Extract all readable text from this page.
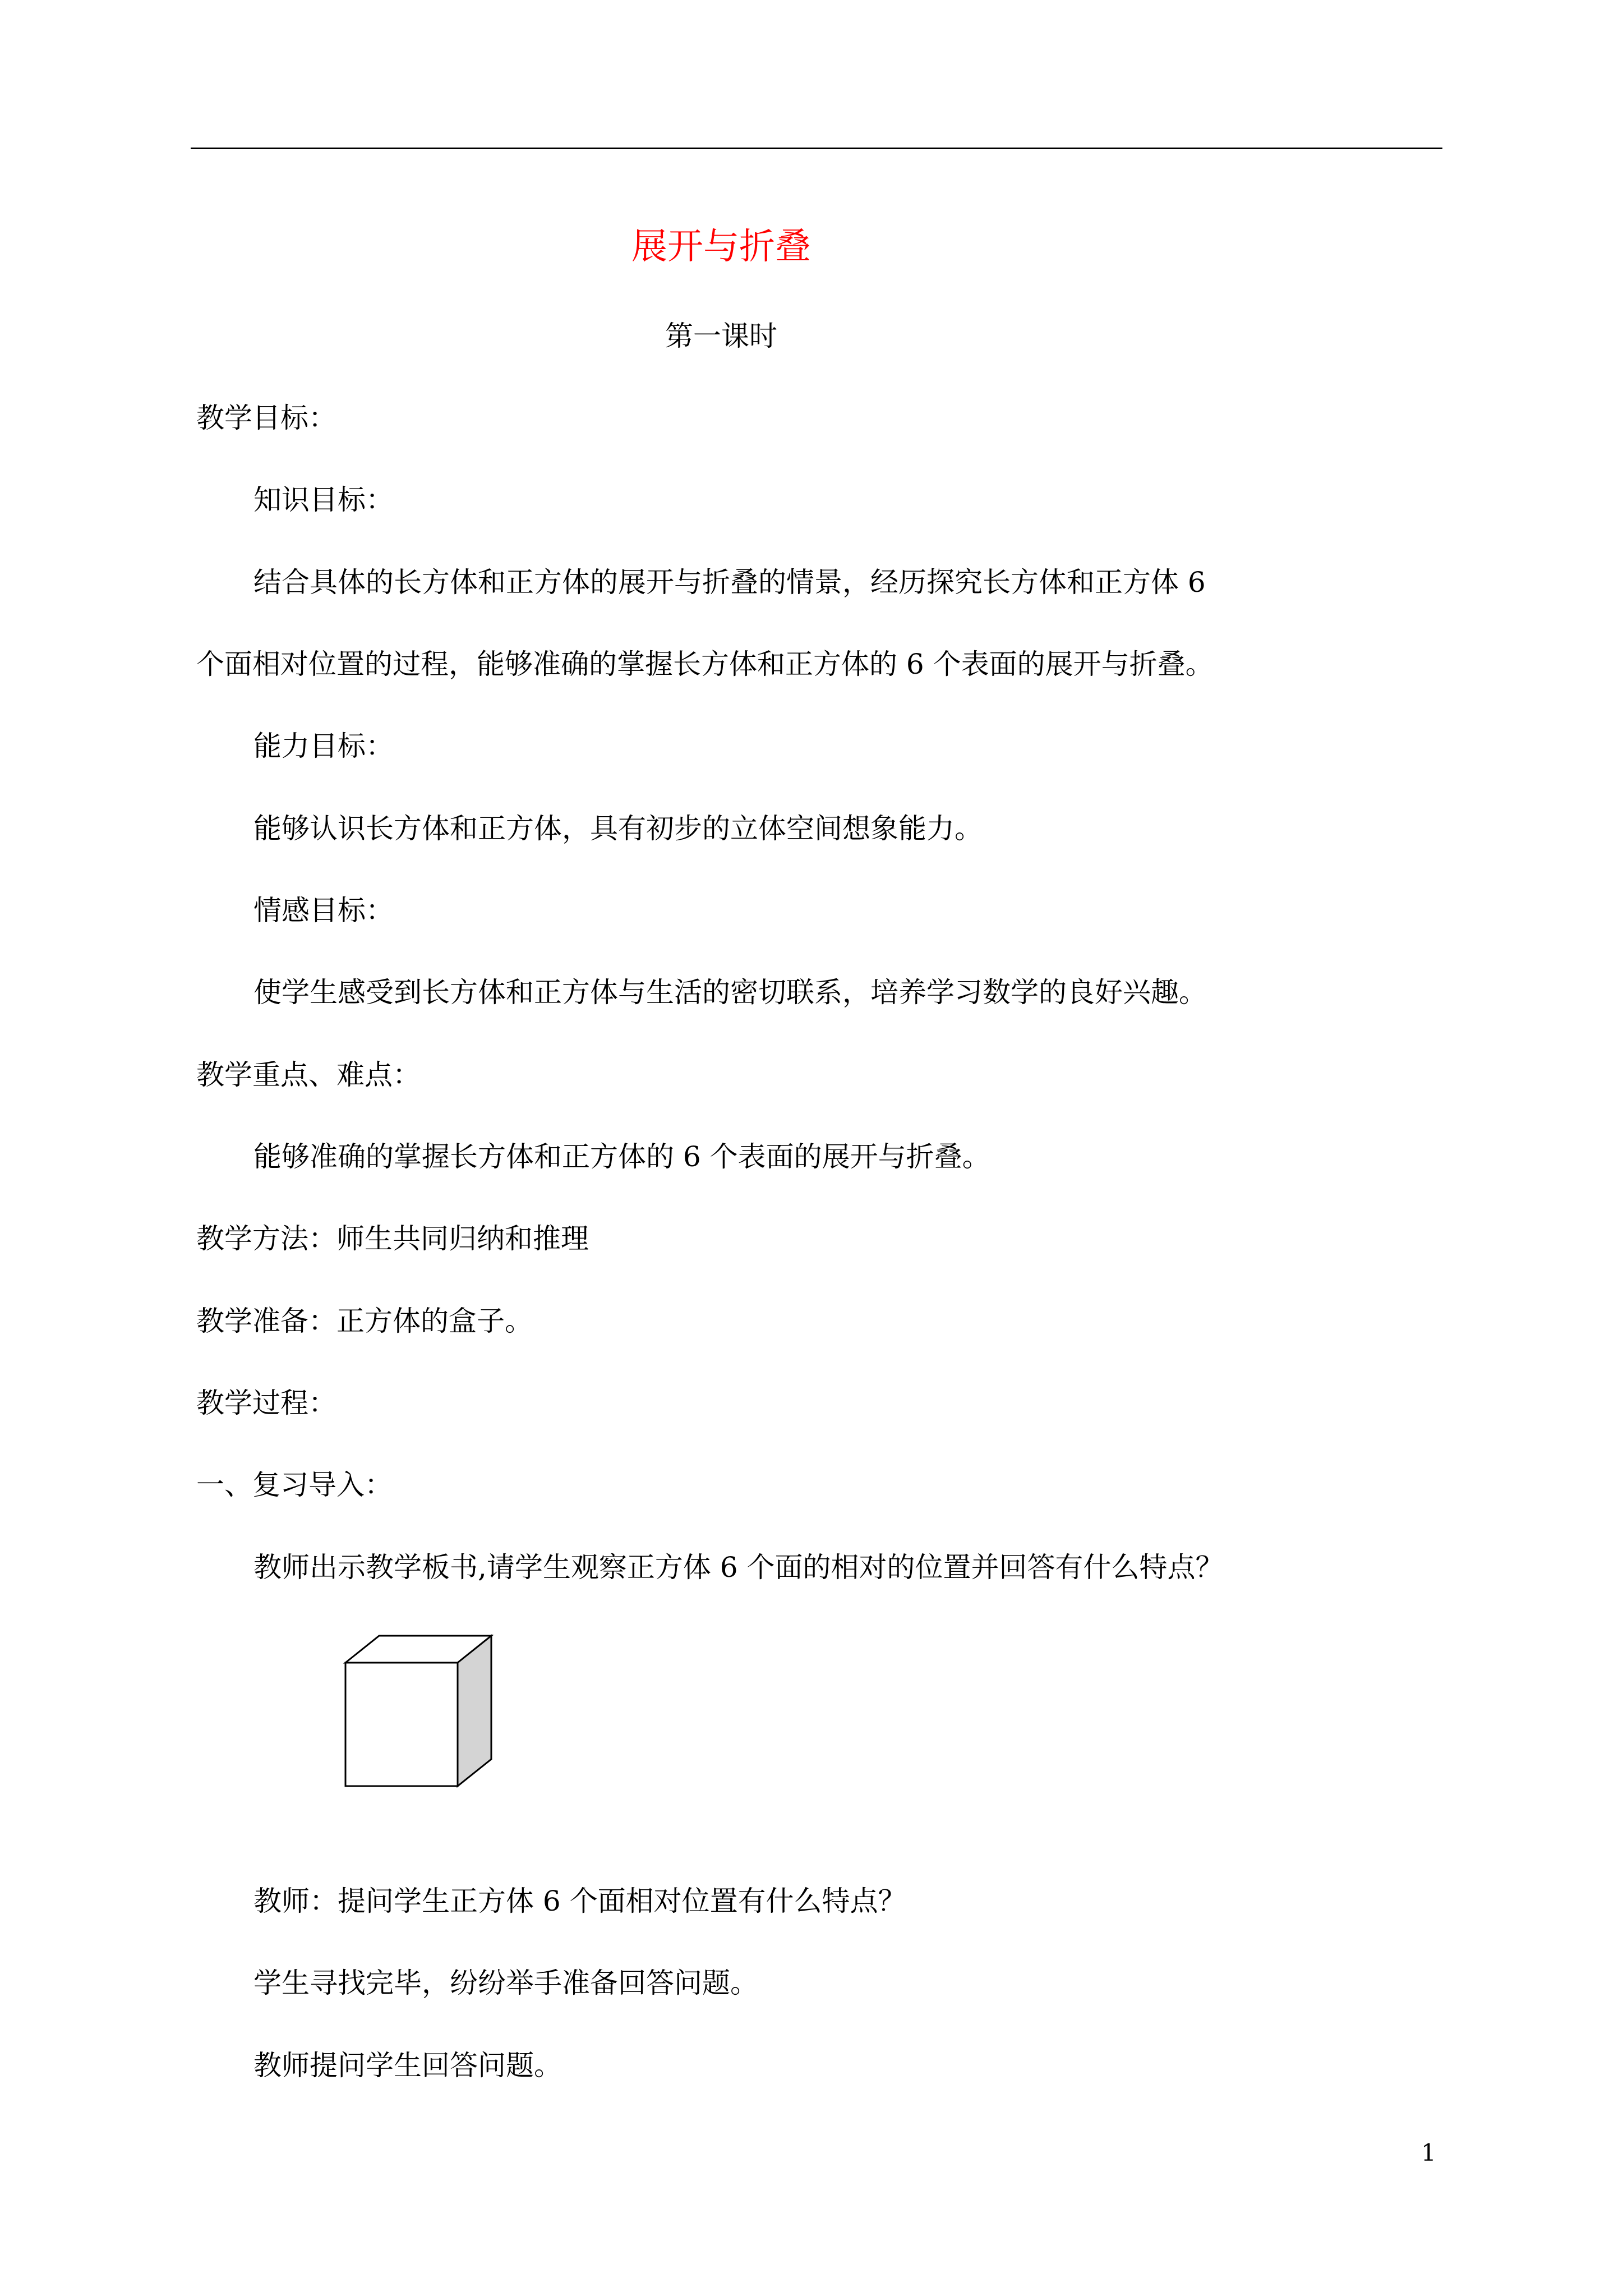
展开与折叠
第一课时
教学目标：
知识目标：
结合具体的长方体和正方体的展开与折叠的情景，经历探究长方体和正方体 6
个面相对位置的过程，能够准确的掌握长方体和正方体的 6 个表面的展开与折叠。
能力目标：
能够认识长方体和正方体，具有初步的立体空间想象能力。
情感目标：
使学生感受到长方体和正方体与生活的密切联系，培养学习数学的良好兴趣。
教学重点、难点：
能够准确的掌握长方体和正方体的 6 个表面的展开与折叠。
教学方法：师生共同归纳和推理
教学准备：正方体的盒子。
教学过程：
一、复习导入：
教师出示教学板书,请学生观察正方体 6 个面的相对的位置并回答有什么特点？
教师：提问学生正方体 6 个面相对位置有什么特点？
学生寻找完毕，纷纷举手准备回答问题。
教师提问学生回答问题。
1
